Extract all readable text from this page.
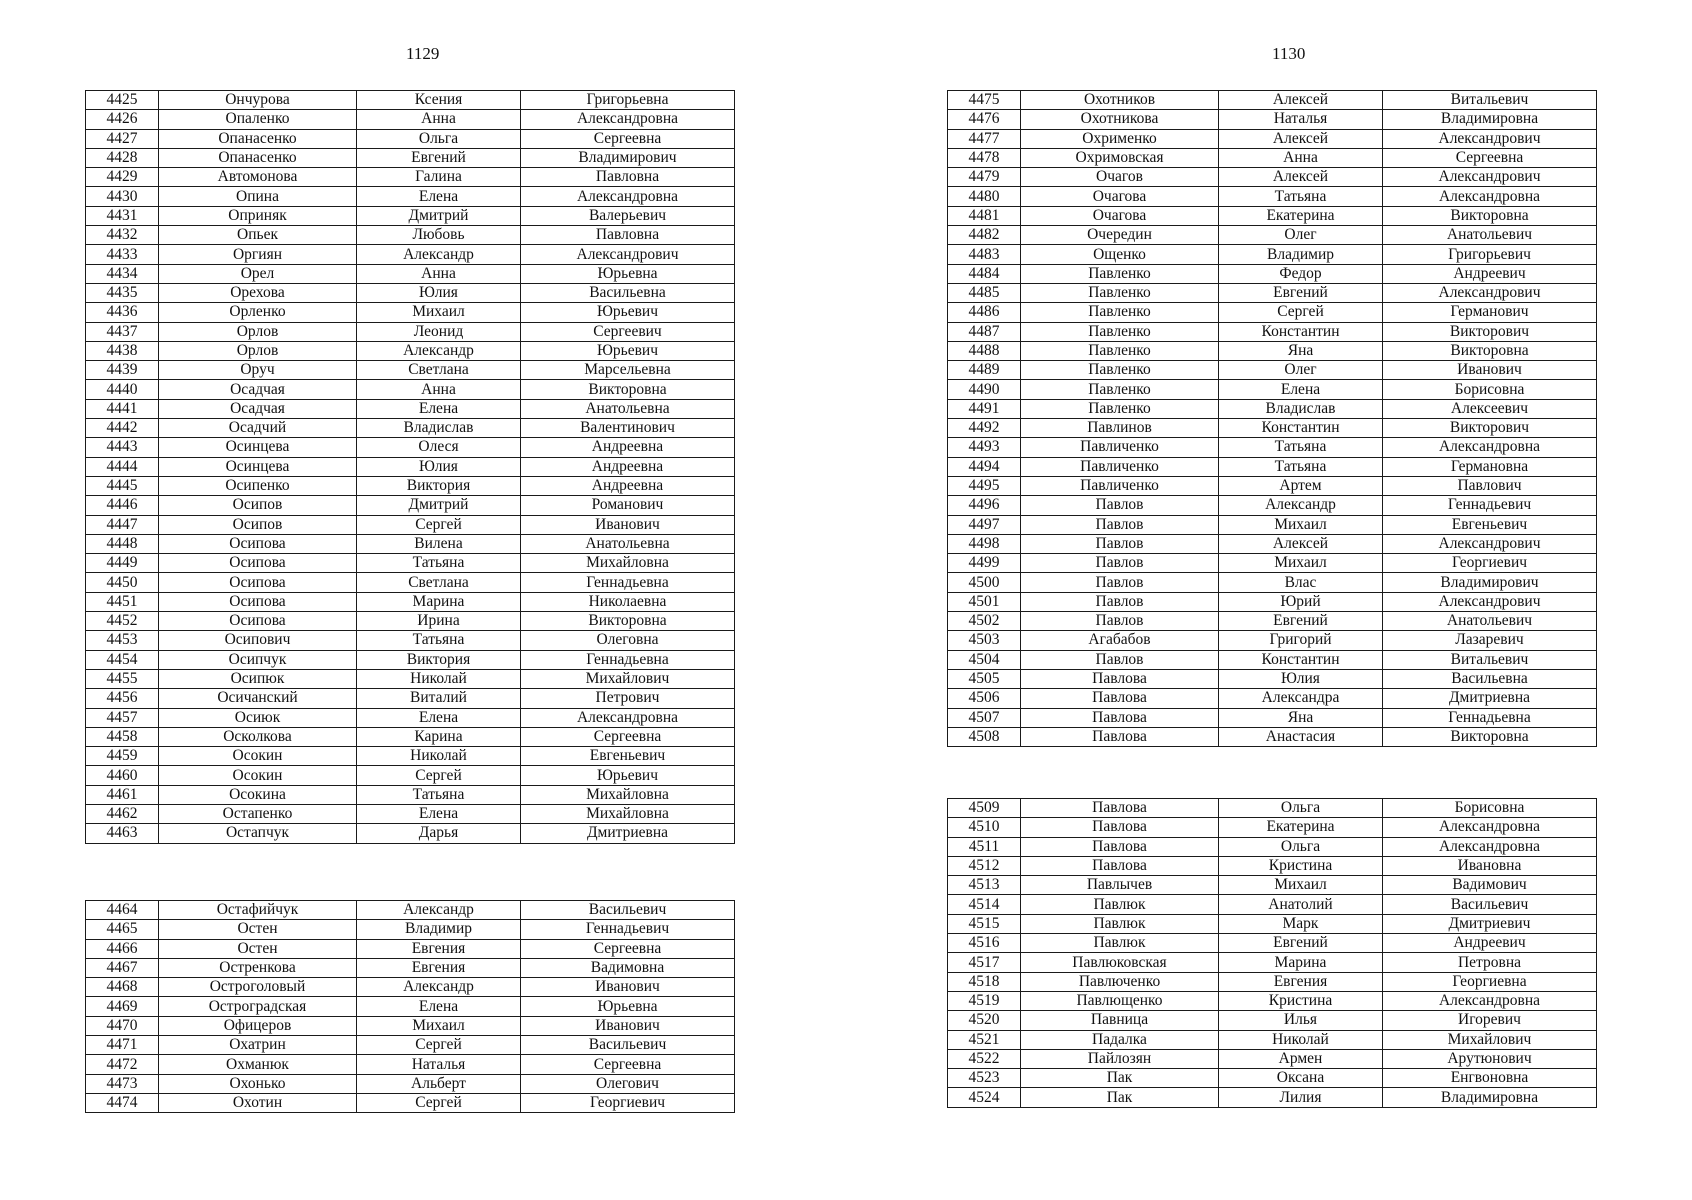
1129	1130
4425	Ончурова	Ксения	Григорьевна
4426	Опаленко	Анна	Александровна
4427	Опанасенко	Ольга	Сергеевна
4428	Опанасенко	Евгений	Владимирович
4429	Автомонова	Галина	Павловна
4430	Опина	Елена	Александровна
4431	Оприняк	Дмитрий	Валерьевич
4432	Опьек	Любовь	Павловна
4433	Оргиян	Александр	Александрович
4434	Орел	Анна	Юрьевна
4435	Орехова	Юлия	Васильевна
4436	Орленко	Михаил	Юрьевич
4437	Орлов	Леонид	Сергеевич
4438	Орлов	Александр	Юрьевич
4439	Оруч	Светлана	Марсельевна
4440	Осадчая	Анна	Викторовна
4441	Осадчая	Елена	Анатольевна
4442	Осадчий	Владислав	Валентинович
4443	Осинцева	Олеся	Андреевна
4444	Осинцева	Юлия	Андреевна
4445	Осипенко	Виктория	Андреевна
4446	Осипов	Дмитрий	Романович
4447	Осипов	Сергей	Иванович
4448	Осипова	Вилена	Анатольевна
4449	Осипова	Татьяна	Михайловна
4450	Осипова	Светлана	Геннадьевна
4451	Осипова	Марина	Николаевна
4452	Осипова	Ирина	Викторовна
4453	Осипович	Татьяна	Олеговна
4454	Осипчук	Виктория	Геннадьевна
4455	Осипюк	Николай	Михайлович
4456	Осичанский	Виталий	Петрович
4457	Осиюк	Елена	Александровна
4458	Осколкова	Карина	Сергеевна
4459	Осокин	Николай	Евгеньевич
4460	Осокин	Сергей	Юрьевич
4461	Осокина	Татьяна	Михайловна
4462	Остапенко	Елена	Михайловна
4463	Остапчук	Дарья	Дмитриевна
4464	Остафийчук	Александр	Васильевич
4465	Остен	Владимир	Геннадьевич
4466	Остен	Евгения	Сергеевна
4467	Остренкова	Евгения	Вадимовна
4468	Остроголовый	Александр	Иванович
4469	Остроградская	Елена	Юрьевна
4470	Офицеров	Михаил	Иванович
4471	Охатрин	Сергей	Васильевич
4472	Охманюк	Наталья	Сергеевна
4473	Охонько	Альберт	Олегович
4474	Охотин	Сергей	Георгиевич
4475	Охотников	Алексей	Витальевич
4476	Охотникова	Наталья	Владимировна
4477	Охрименко	Алексей	Александрович
4478	Охримовская	Анна	Сергеевна
4479	Очагов	Алексей	Александрович
4480	Очагова	Татьяна	Александровна
4481	Очагова	Екатерина	Викторовна
4482	Очередин	Олег	Анатольевич
4483	Ощенко	Владимир	Григорьевич
4484	Павленко	Федор	Андреевич
4485	Павленко	Евгений	Александрович
4486	Павленко	Сергей	Германович
4487	Павленко	Константин	Викторович
4488	Павленко	Яна	Викторовна
4489	Павленко	Олег	Иванович
4490	Павленко	Елена	Борисовна
4491	Павленко	Владислав	Алексеевич
4492	Павлинов	Константин	Викторович
4493	Павличенко	Татьяна	Александровна
4494	Павличенко	Татьяна	Германовна
4495	Павличенко	Артем	Павлович
4496	Павлов	Александр	Геннадьевич
4497	Павлов	Михаил	Евгеньевич
4498	Павлов	Алексей	Александрович
4499	Павлов	Михаил	Георгиевич
4500	Павлов	Влас	Владимирович
4501	Павлов	Юрий	Александрович
4502	Павлов	Евгений	Анатольевич
4503	Агабабов	Григорий	Лазаревич
4504	Павлов	Константин	Витальевич
4505	Павлова	Юлия	Васильевна
4506	Павлова	Александра	Дмитриевна
4507	Павлова	Яна	Геннадьевна
4508	Павлова	Анастасия	Викторовна
4509	Павлова	Ольга	Борисовна
4510	Павлова	Екатерина	Александровна
4511	Павлова	Ольга	Александровна
4512	Павлова	Кристина	Ивановна
4513	Павлычев	Михаил	Вадимович
4514	Павлюк	Анатолий	Васильевич
4515	Павлюк	Марк	Дмитриевич
4516	Павлюк	Евгений	Андреевич
4517	Павлюковская	Марина	Петровна
4518	Павлюченко	Евгения	Георгиевна
4519	Павлющенко	Кристина	Александровна
4520	Павница	Илья	Игоревич
4521	Падалка	Николай	Михайлович
4522	Пайлозян	Армен	Арутюнович
4523	Пак	Оксана	Енгвоновна
4524	Пак	Лилия	Владимировна
